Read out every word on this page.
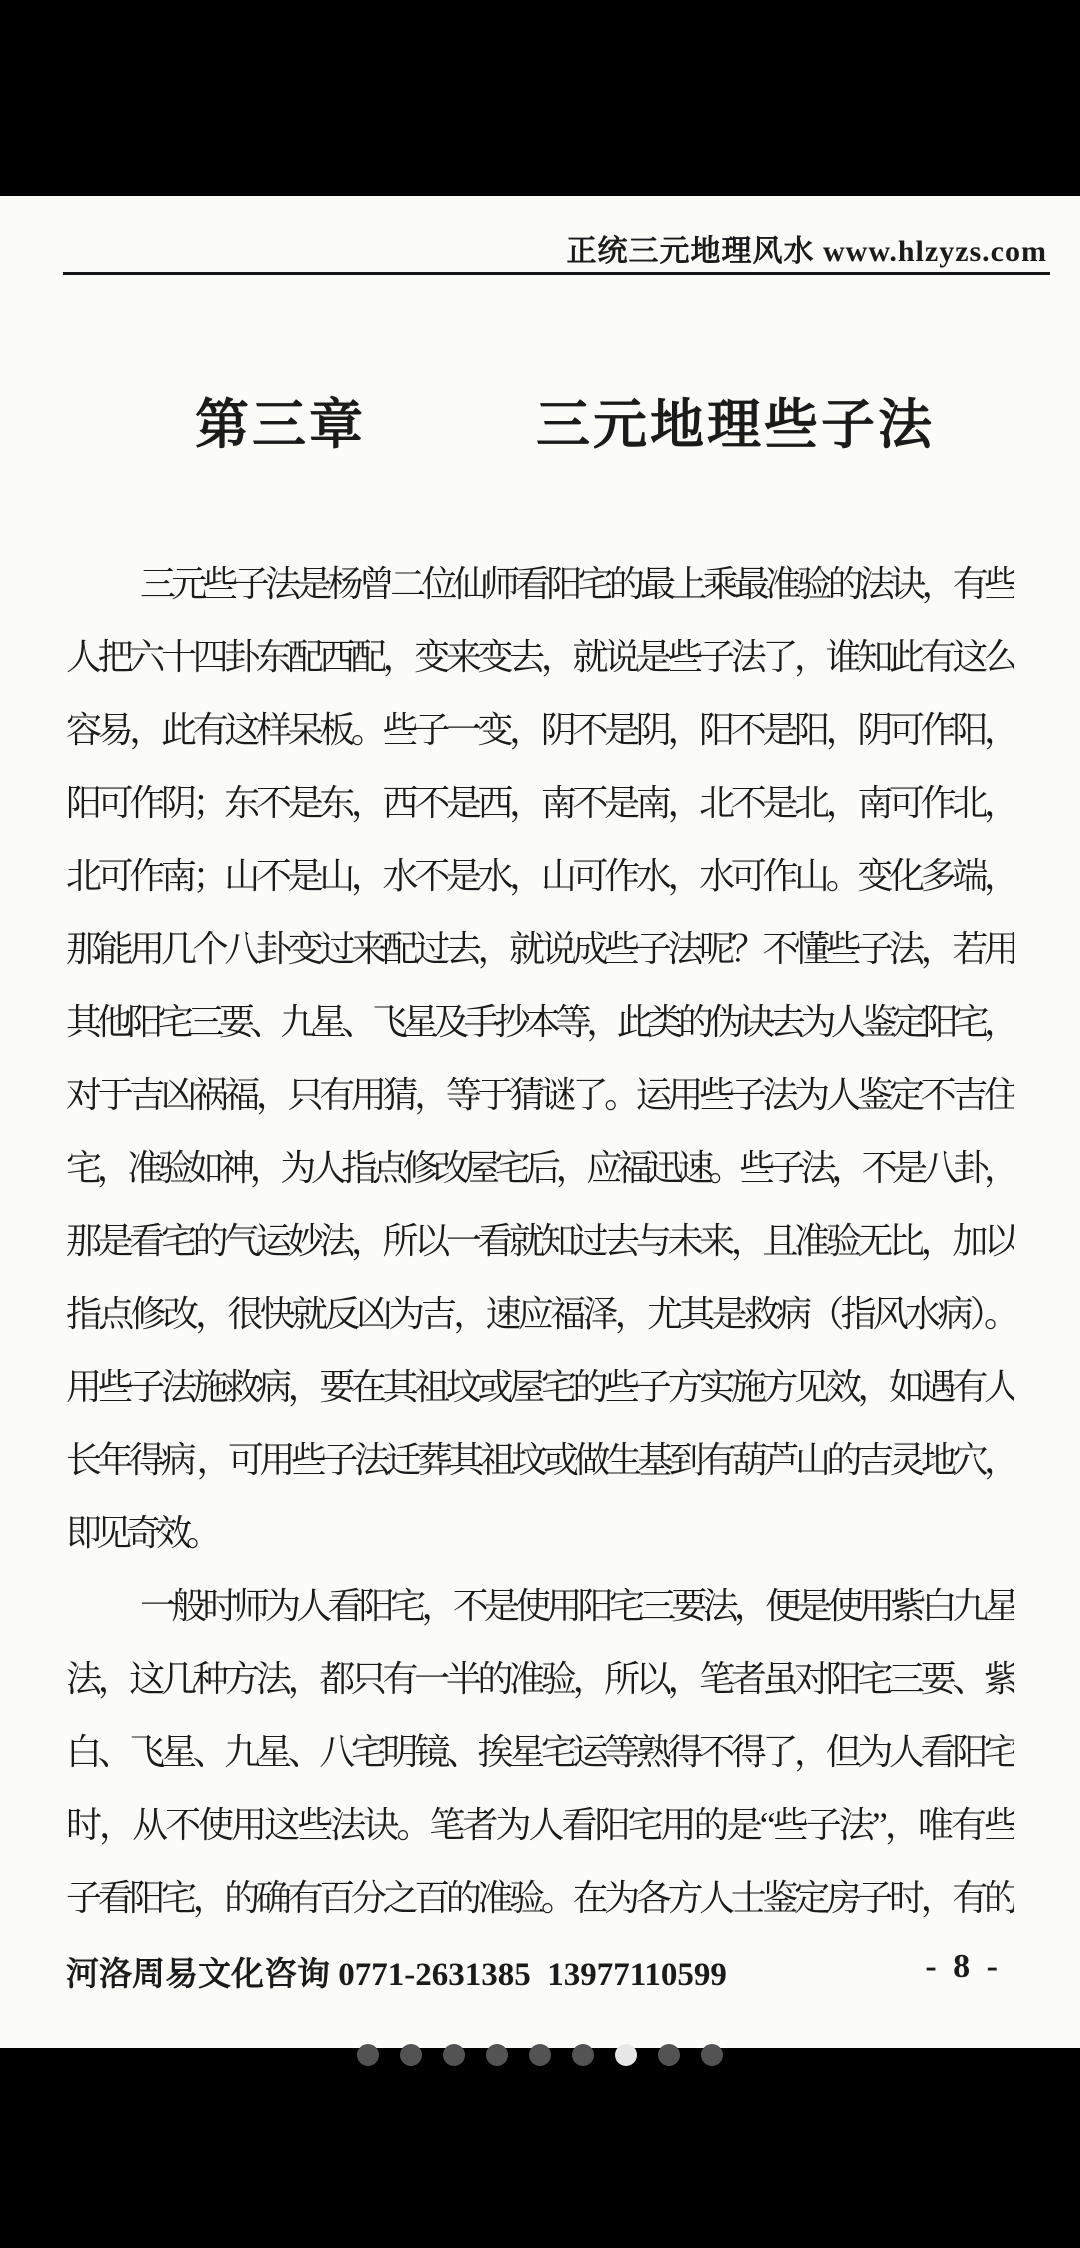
正统三元地理风水 www.hlzyzs.com
第三章	三元地理些子法
三元些子法是杨曾二位仙师看阳宅的最上乘最准验的法诀，有些
人把六十四卦东配西配，变来变去，就说是些子法了，谁知此有这么
容易，此有这样呆板。些子一变，阴不是阴，阳不是阳，阴可作阳，
阳可作阴；东不是东，西不是西，南不是南，北不是北，南可作北，
北可作南；山不是山，水不是水，山可作水，水可作山。变化多端，
那能用几个八卦变过来配过去，就说成些子法呢？不懂些子法，若用
其他阳宅三要、九星、飞星及手抄本等，此类的伪诀去为人鉴定阳宅，
对于吉凶祸福，只有用猜，等于猜谜了。运用些子法为人鉴定不吉住
宅，准验如神，为人指点修改屋宅后，应福迅速。些子法，不是八卦，
那是看宅的气运妙法，所以一看就知过去与未来，且准验无比，加以
指点修改，很快就反凶为吉，速应福泽，尤其是救病（指风水病）。
用些子法施救病，要在其祖坟或屋宅的些子方实施方见效，如遇有人
长年得病 ，可用些子法迁葬其祖坟或做生基到有葫芦山的吉灵地穴，
即见奇效。
一般时师为人看阳宅，不是使用阳宅三要法，便是使用紫白九星
法，这几种方法，都只有一半的准验，所以，笔者虽对阳宅三要、紫
白、飞星、九星、八宅明镜、挨星宅运等熟得不得了，但为人看阳宅
时，从不使用这些法诀。笔者为人看阳宅用的是“些子法”，唯有些
子看阳宅，的确有百分之百的准验。在为各方人士鉴定房子时，有的
河洛周易文化咨询 0771-2631385  13977110599	- 8 -
